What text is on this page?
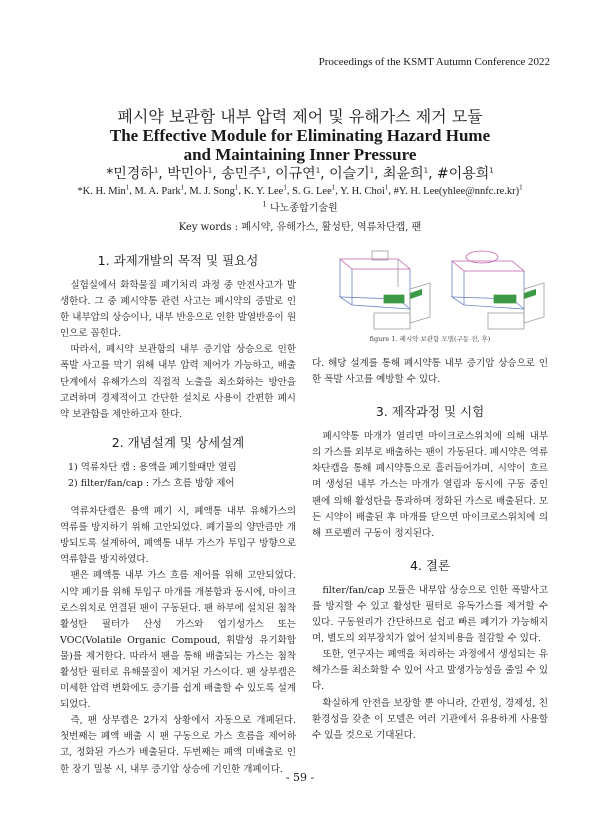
Proceedings of the KSMT Autumn Conference 2022
폐시약 보관함 내부 압력 제어 및 유해가스 제거 모듈
The Effective Module for Eliminating Hazard Hume
and Maintaining Inner Pressure
*민경하$^1$, 박민아$^1$, 송민주$^1$, 이규연$^1$, 이슬기$^1$, 최윤희$^1$, #이용희$^1$
*K. H. Min$^1$, M. A. Park$^1$, M. J. Song$^1$, K. Y. Lee$^1$, S. G. Lee$^1$, Y. H. Choi$^1$, #Y. H. Lee(yhlee@nnfc.re.kr)$^1$
$^1$ 나노종합기술원
Key words : 폐시약, 유해가스, 활성탄, 역류차단캡, 팬
1. 과제개발의 목적 및 필요성

실험실에서 화학물질 폐기처리 과정 중 안전사고가 발생한다. 그 중 폐시약통 관련 사고는 폐시약의 증발로 인한 내부압의 상승이나, 내부 반응으로 인한 발열반응이 원인으로 꼽힌다.

따라서, 폐시약 보관함의 내부 증기압 상승으로 인한 폭발 사고를 막기 위해 내부 압력 제어가 가능하고, 배출 단계에서 유해가스의 직접적 노출을 최소화하는 방안을 고려하며 경제적이고 간단한 설치로 사용이 간편한 폐시약 보관함을 제안하고자 한다.

2. 개념설계 및 상세설계

1) 역류차단 캡 : 용액을 폐기할때만 열림

2) filter/fan/cap : 가스 흐름 방향 제어

역류차단캡은 용액 폐기 시, 폐액통 내부 유해가스의 역류를 방지하기 위해 고안되었다. 폐기물의 양만큼만 개방되도록 설계하여, 폐액통 내부 가스가 투입구 방향으로 역류함을 방지하였다.

팬은 폐액통 내부 가스 흐름 제어를 위해 고안되었다. 시약 폐기를 위해 투입구 마개를 개봉함과 동시에, 마이크로스위치로 연결된 팬이 구동된다. 팬 하부에 설치된 첨착활성탄 필터가 산성 가스와 엽기성가스 또는 VOC(Volatile Organic Compoud, 휘발성 유기화합물)를 제거한다. 따라서 팬을 통해 배출되는 가스는 첨착활성탄 필터로 유해물질이 제거된 가스이다. 팬 상부캡은 미세한 압력 변화에도 증기를 쉽게 배출할 수 있도록 설계되었다.

즉, 팬 상부캡은 2가지 상황에서 자동으로 개폐된다. 첫번째는 폐액 배출 시 팬 구동으로 가스 흐름을 제어하고, 정화된 가스가 배출된다. 두번째는 폐액 미배출로 인한 장기 밀봉 시, 내부 증기압 상승에 기인한 개폐이다.

figure 1. 폐시약 보관함 모델(구동 전, 후)

다. 해당 설계를 통해 폐시약통 내부 증기압 상승으로 인한 폭발 사고를 예방할 수 있다.

3. 제작과정 및 시험

폐시약통 마개가 열리면 마이크로스위치에 의해 내부의 가스를 외부로 배출하는 팬이 가동된다. 폐시약은 역류차단캡을 통해 폐시약통으로 흘러들어가며, 시약이 흐르며 생성된 내부 가스는 마개가 열림과 동시에 구동 중인 팬에 의해 활성탄을 통과하며 정화된 가스로 배출된다. 모든 시약이 배출된 후 마개를 닫으면 마이크로스위치에 의해 프로펠러 구동이 정지된다.

4. 결론

filter/fan/cap 모듈은 내부압 상승으로 인한 폭발사고를 방지할 수 있고 활성탄 필터로 유독가스를 제거할 수 있다. 구동원리가 간단하므로 쉽고 빠른 폐기가 가능해지며, 별도의 외부장치가 없어 설치비용을 절감할 수 있다.

또한, 연구자는 폐액을 처리하는 과정에서 생성되는 유해가스를 최소화할 수 있어 사고 발생가능성을 줄일 수 있다.

확실하게 안전을 보장할 뿐 아니라, 간편성, 경제성, 친환경성을 갖춘 이 모델은 여러 기관에서 유용하게 사용할 수 있을 것으로 기대된다.

- 59 -
